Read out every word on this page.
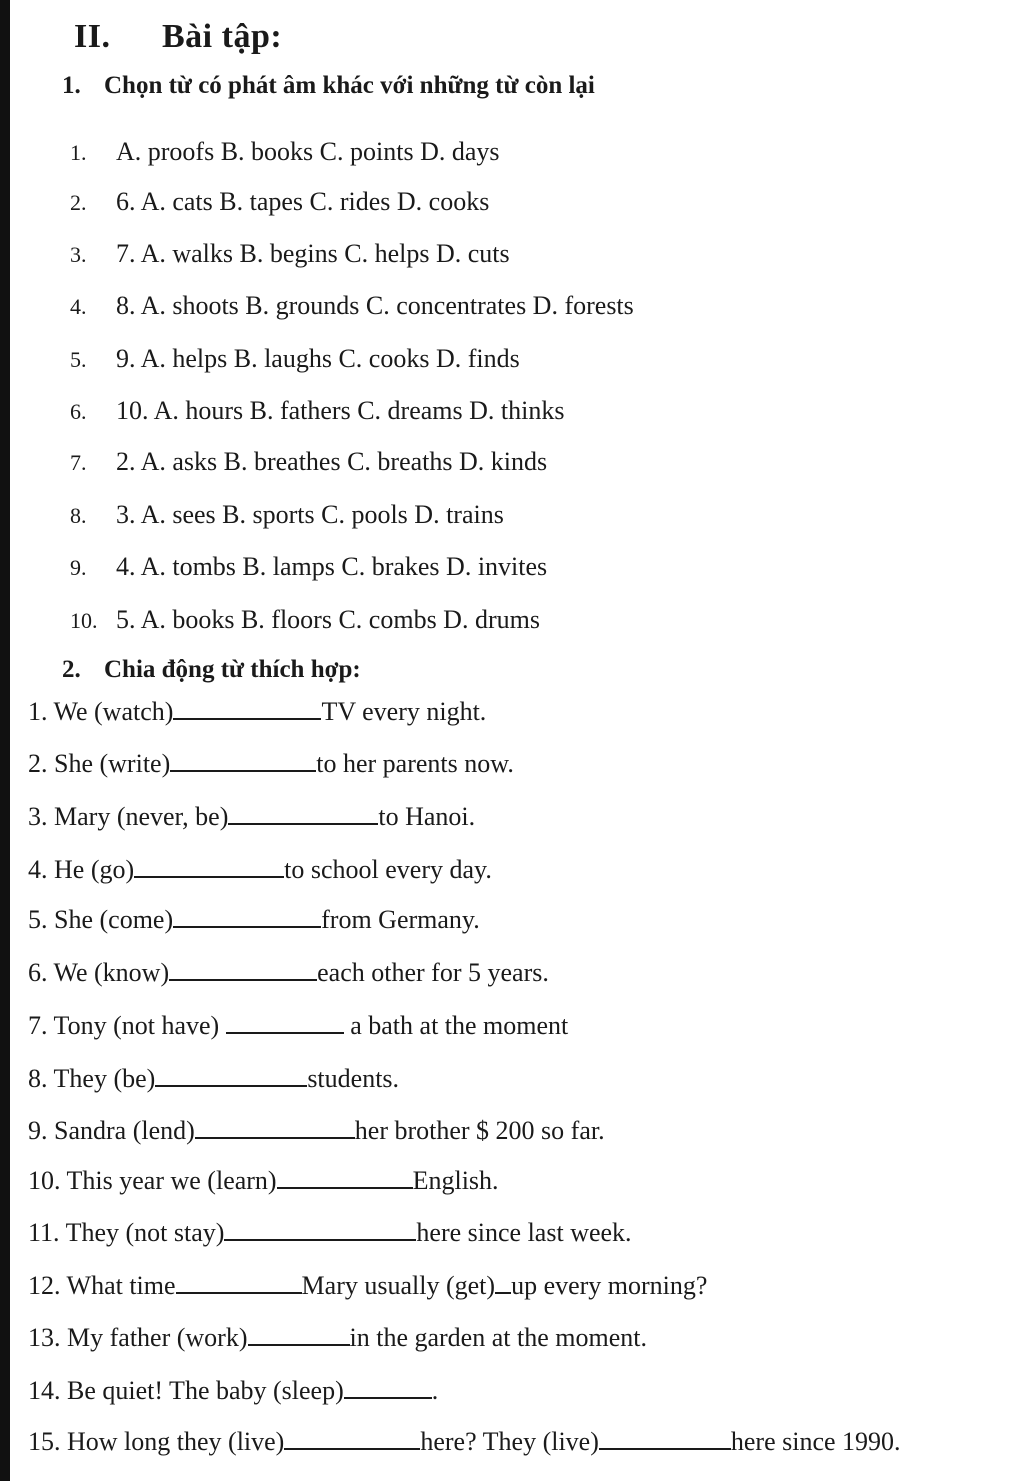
II. Bài tập:
1. Chọn từ có phát âm khác với những từ còn lại
1. A. proofs B. books C. points D. days
2. 6. A. cats B. tapes C. rides D. cooks
3. 7. A. walks B. begins C. helps D. cuts
4. 8. A. shoots B. grounds C. concentrates D. forests
5. 9. A. helps B. laughs C. cooks D. finds
6. 10. A. hours B. fathers C. dreams D. thinks
7. 2. A. asks B. breathes C. breaths D. kinds
8. 3. A. sees B. sports C. pools D. trains
9. 4. A. tombs B. lamps C. brakes D. invites
10. 5. A. books B. floors C. combs D. drums
2. Chia động từ thích hợp:
1. We (watch)	TV every night.
2. She (write)	to her parents now.
3. Mary (never, be)	to Hanoi.
4. He (go)	to school every day.
5. She (come)	from Germany.
6. We (know)	each other for 5 years.
7. Tony (not have)	a bath at the moment
8. They (be)	students.
9. Sandra (lend)	her brother $ 200 so far.
10. This year we (learn)	English.
11. They (not stay)	here since last week.
12. What time	Mary usually (get) up every morning?
13. My father (work)	in the garden at the moment.
14. Be quiet! The baby (sleep)	.
15. How long they (live)	here? They (live)	here since 1990.
